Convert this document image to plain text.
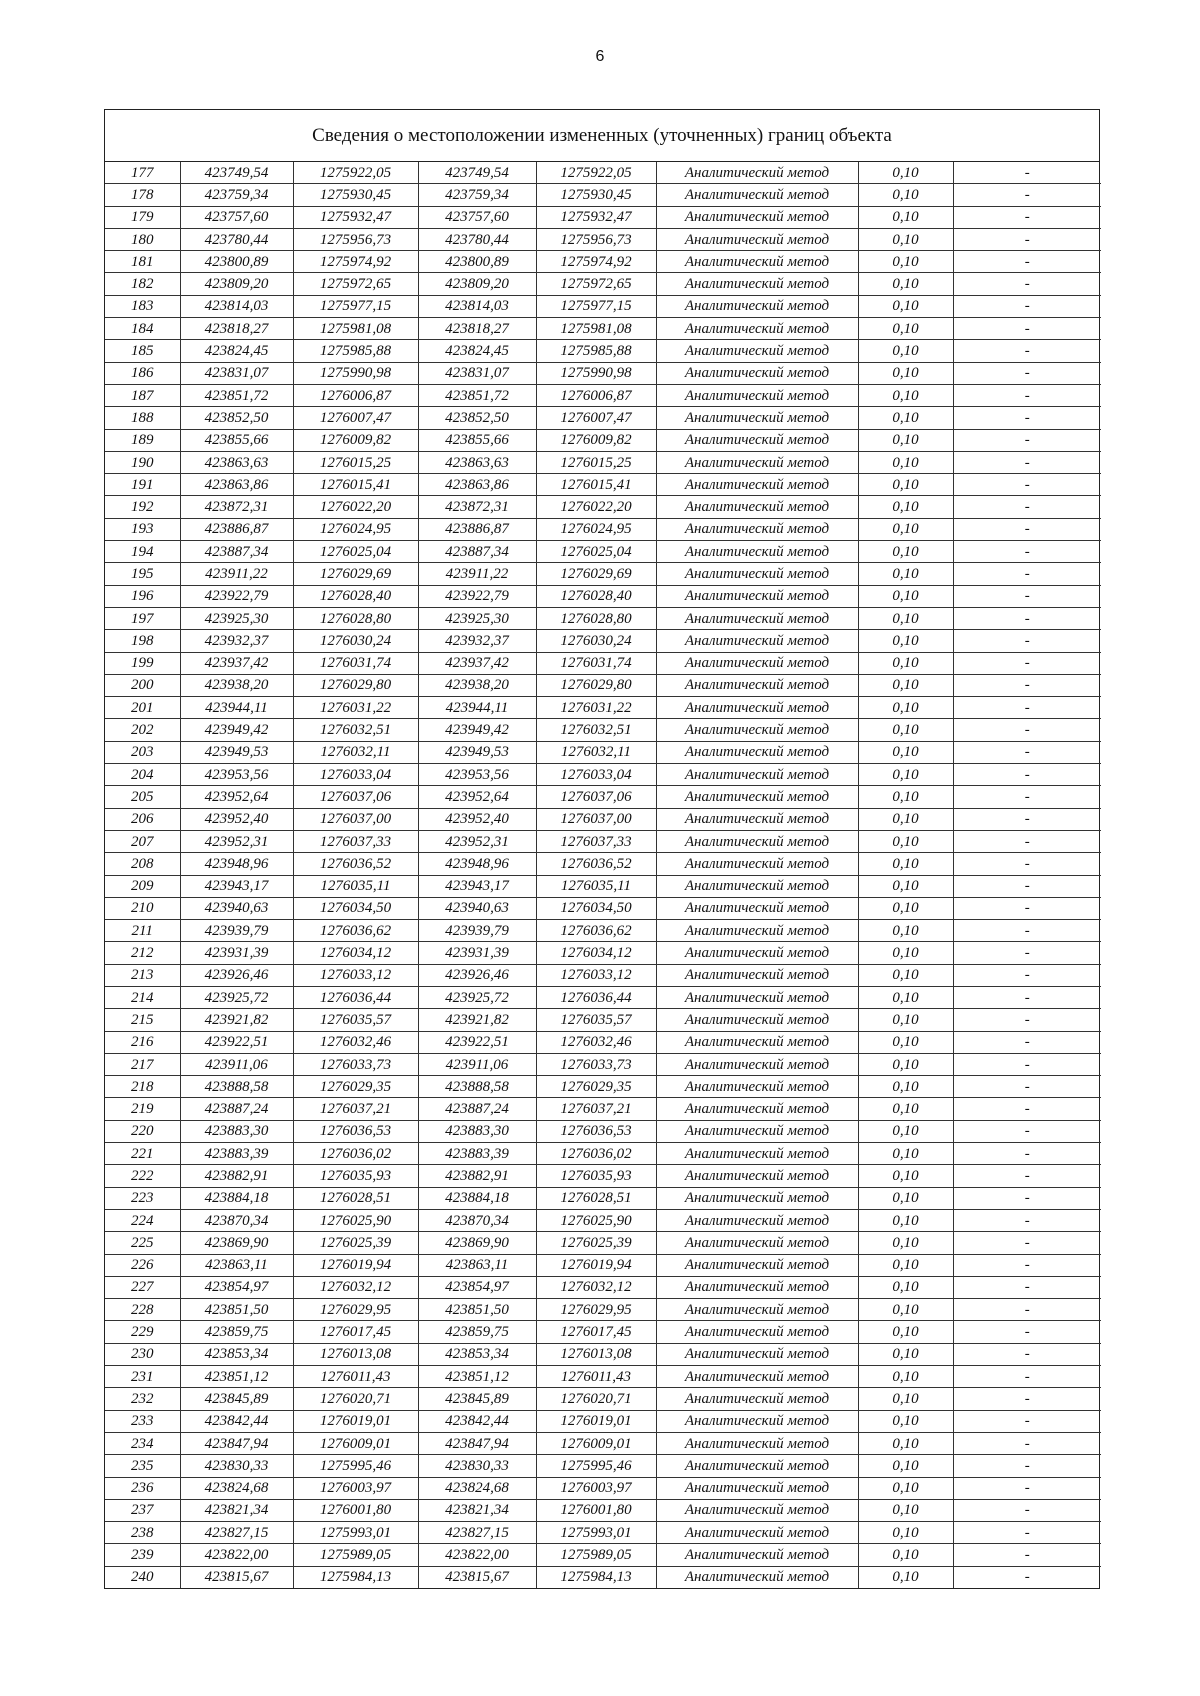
6
Сведения о местоположении измененных (уточненных) границ объекта
177	423749,54	1275922,05	423749,54	1275922,05	Аналитический метод	0,10	-
178	423759,34	1275930,45	423759,34	1275930,45	Аналитический метод	0,10	-
179	423757,60	1275932,47	423757,60	1275932,47	Аналитический метод	0,10	-
180	423780,44	1275956,73	423780,44	1275956,73	Аналитический метод	0,10	-
181	423800,89	1275974,92	423800,89	1275974,92	Аналитический метод	0,10	-
182	423809,20	1275972,65	423809,20	1275972,65	Аналитический метод	0,10	-
183	423814,03	1275977,15	423814,03	1275977,15	Аналитический метод	0,10	-
184	423818,27	1275981,08	423818,27	1275981,08	Аналитический метод	0,10	-
185	423824,45	1275985,88	423824,45	1275985,88	Аналитический метод	0,10	-
186	423831,07	1275990,98	423831,07	1275990,98	Аналитический метод	0,10	-
187	423851,72	1276006,87	423851,72	1276006,87	Аналитический метод	0,10	-
188	423852,50	1276007,47	423852,50	1276007,47	Аналитический метод	0,10	-
189	423855,66	1276009,82	423855,66	1276009,82	Аналитический метод	0,10	-
190	423863,63	1276015,25	423863,63	1276015,25	Аналитический метод	0,10	-
191	423863,86	1276015,41	423863,86	1276015,41	Аналитический метод	0,10	-
192	423872,31	1276022,20	423872,31	1276022,20	Аналитический метод	0,10	-
193	423886,87	1276024,95	423886,87	1276024,95	Аналитический метод	0,10	-
194	423887,34	1276025,04	423887,34	1276025,04	Аналитический метод	0,10	-
195	423911,22	1276029,69	423911,22	1276029,69	Аналитический метод	0,10	-
196	423922,79	1276028,40	423922,79	1276028,40	Аналитический метод	0,10	-
197	423925,30	1276028,80	423925,30	1276028,80	Аналитический метод	0,10	-
198	423932,37	1276030,24	423932,37	1276030,24	Аналитический метод	0,10	-
199	423937,42	1276031,74	423937,42	1276031,74	Аналитический метод	0,10	-
200	423938,20	1276029,80	423938,20	1276029,80	Аналитический метод	0,10	-
201	423944,11	1276031,22	423944,11	1276031,22	Аналитический метод	0,10	-
202	423949,42	1276032,51	423949,42	1276032,51	Аналитический метод	0,10	-
203	423949,53	1276032,11	423949,53	1276032,11	Аналитический метод	0,10	-
204	423953,56	1276033,04	423953,56	1276033,04	Аналитический метод	0,10	-
205	423952,64	1276037,06	423952,64	1276037,06	Аналитический метод	0,10	-
206	423952,40	1276037,00	423952,40	1276037,00	Аналитический метод	0,10	-
207	423952,31	1276037,33	423952,31	1276037,33	Аналитический метод	0,10	-
208	423948,96	1276036,52	423948,96	1276036,52	Аналитический метод	0,10	-
209	423943,17	1276035,11	423943,17	1276035,11	Аналитический метод	0,10	-
210	423940,63	1276034,50	423940,63	1276034,50	Аналитический метод	0,10	-
211	423939,79	1276036,62	423939,79	1276036,62	Аналитический метод	0,10	-
212	423931,39	1276034,12	423931,39	1276034,12	Аналитический метод	0,10	-
213	423926,46	1276033,12	423926,46	1276033,12	Аналитический метод	0,10	-
214	423925,72	1276036,44	423925,72	1276036,44	Аналитический метод	0,10	-
215	423921,82	1276035,57	423921,82	1276035,57	Аналитический метод	0,10	-
216	423922,51	1276032,46	423922,51	1276032,46	Аналитический метод	0,10	-
217	423911,06	1276033,73	423911,06	1276033,73	Аналитический метод	0,10	-
218	423888,58	1276029,35	423888,58	1276029,35	Аналитический метод	0,10	-
219	423887,24	1276037,21	423887,24	1276037,21	Аналитический метод	0,10	-
220	423883,30	1276036,53	423883,30	1276036,53	Аналитический метод	0,10	-
221	423883,39	1276036,02	423883,39	1276036,02	Аналитический метод	0,10	-
222	423882,91	1276035,93	423882,91	1276035,93	Аналитический метод	0,10	-
223	423884,18	1276028,51	423884,18	1276028,51	Аналитический метод	0,10	-
224	423870,34	1276025,90	423870,34	1276025,90	Аналитический метод	0,10	-
225	423869,90	1276025,39	423869,90	1276025,39	Аналитический метод	0,10	-
226	423863,11	1276019,94	423863,11	1276019,94	Аналитический метод	0,10	-
227	423854,97	1276032,12	423854,97	1276032,12	Аналитический метод	0,10	-
228	423851,50	1276029,95	423851,50	1276029,95	Аналитический метод	0,10	-
229	423859,75	1276017,45	423859,75	1276017,45	Аналитический метод	0,10	-
230	423853,34	1276013,08	423853,34	1276013,08	Аналитический метод	0,10	-
231	423851,12	1276011,43	423851,12	1276011,43	Аналитический метод	0,10	-
232	423845,89	1276020,71	423845,89	1276020,71	Аналитический метод	0,10	-
233	423842,44	1276019,01	423842,44	1276019,01	Аналитический метод	0,10	-
234	423847,94	1276009,01	423847,94	1276009,01	Аналитический метод	0,10	-
235	423830,33	1275995,46	423830,33	1275995,46	Аналитический метод	0,10	-
236	423824,68	1276003,97	423824,68	1276003,97	Аналитический метод	0,10	-
237	423821,34	1276001,80	423821,34	1276001,80	Аналитический метод	0,10	-
238	423827,15	1275993,01	423827,15	1275993,01	Аналитический метод	0,10	-
239	423822,00	1275989,05	423822,00	1275989,05	Аналитический метод	0,10	-
240	423815,67	1275984,13	423815,67	1275984,13	Аналитический метод	0,10	-
